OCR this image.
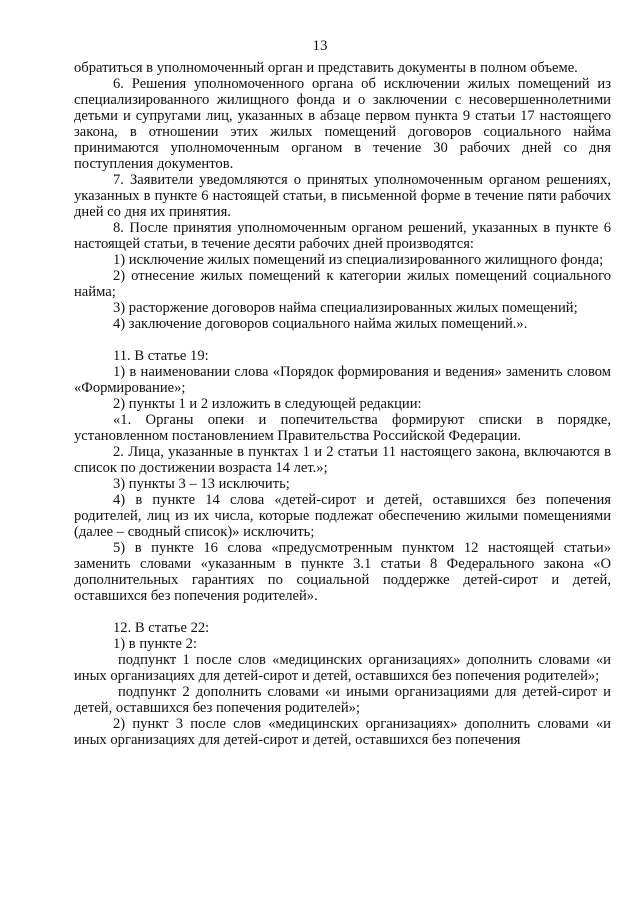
13

обратиться в уполномоченный орган и представить документы в полном объеме.

6. Решения уполномоченного органа об исключении жилых помещений из специализированного жилищного фонда и о заключении с несовершеннолетними детьми и супругами лиц, указанных в абзаце первом пункта 9 статьи 17 настоящего закона, в отношении этих жилых помещений договоров социального найма принимаются уполномоченным органом в течение 30 рабочих дней со дня поступления документов.

7. Заявители уведомляются о принятых уполномоченным органом решениях, указанных в пункте 6 настоящей статьи, в письменной форме в течение пяти рабочих дней со дня их принятия.

8. После принятия уполномоченным органом решений, указанных в пункте 6 настоящей статьи, в течение десяти рабочих дней производятся:

1) исключение жилых помещений из специализированного жилищного фонда;

2) отнесение жилых помещений к категории жилых помещений социального найма;

3) расторжение договоров найма специализированных жилых помещений;

4) заключение договоров социального найма жилых помещений.».

11. В статье 19:

1) в наименовании слова «Порядок формирования и ведения» заменить словом «Формирование»;

2) пункты 1 и 2 изложить в следующей редакции:

«1. Органы опеки и попечительства формируют списки в порядке, установленном постановлением Правительства Российской Федерации.

2. Лица, указанные в пунктах 1 и 2 статьи 11 настоящего закона, включаются в список по достижении возраста 14 лет.»;

3) пункты 3 – 13 исключить;

4) в пункте 14 слова «детей-сирот и детей, оставшихся без попечения родителей, лиц из их числа, которые подлежат обеспечению жилыми помещениями (далее – сводный список)» исключить;

5) в пункте 16 слова «предусмотренным пунктом 12 настоящей статьи» заменить словами «указанным в пункте 3.1 статьи 8 Федерального закона «О дополнительных гарантиях по социальной поддержке детей-сирот и детей, оставшихся без попечения родителей».

12. В статье 22:

1) в пункте 2:

подпункт 1 после слов «медицинских организациях» дополнить словами «и иных организациях для детей-сирот и детей, оставшихся без попечения родителей»;

подпункт 2 дополнить словами «и иными организациями для детей-сирот и детей, оставшихся без попечения родителей»;

2) пункт 3 после слов «медицинских организациях» дополнить словами «и иных организациях для детей-сирот и детей, оставшихся без попечения
